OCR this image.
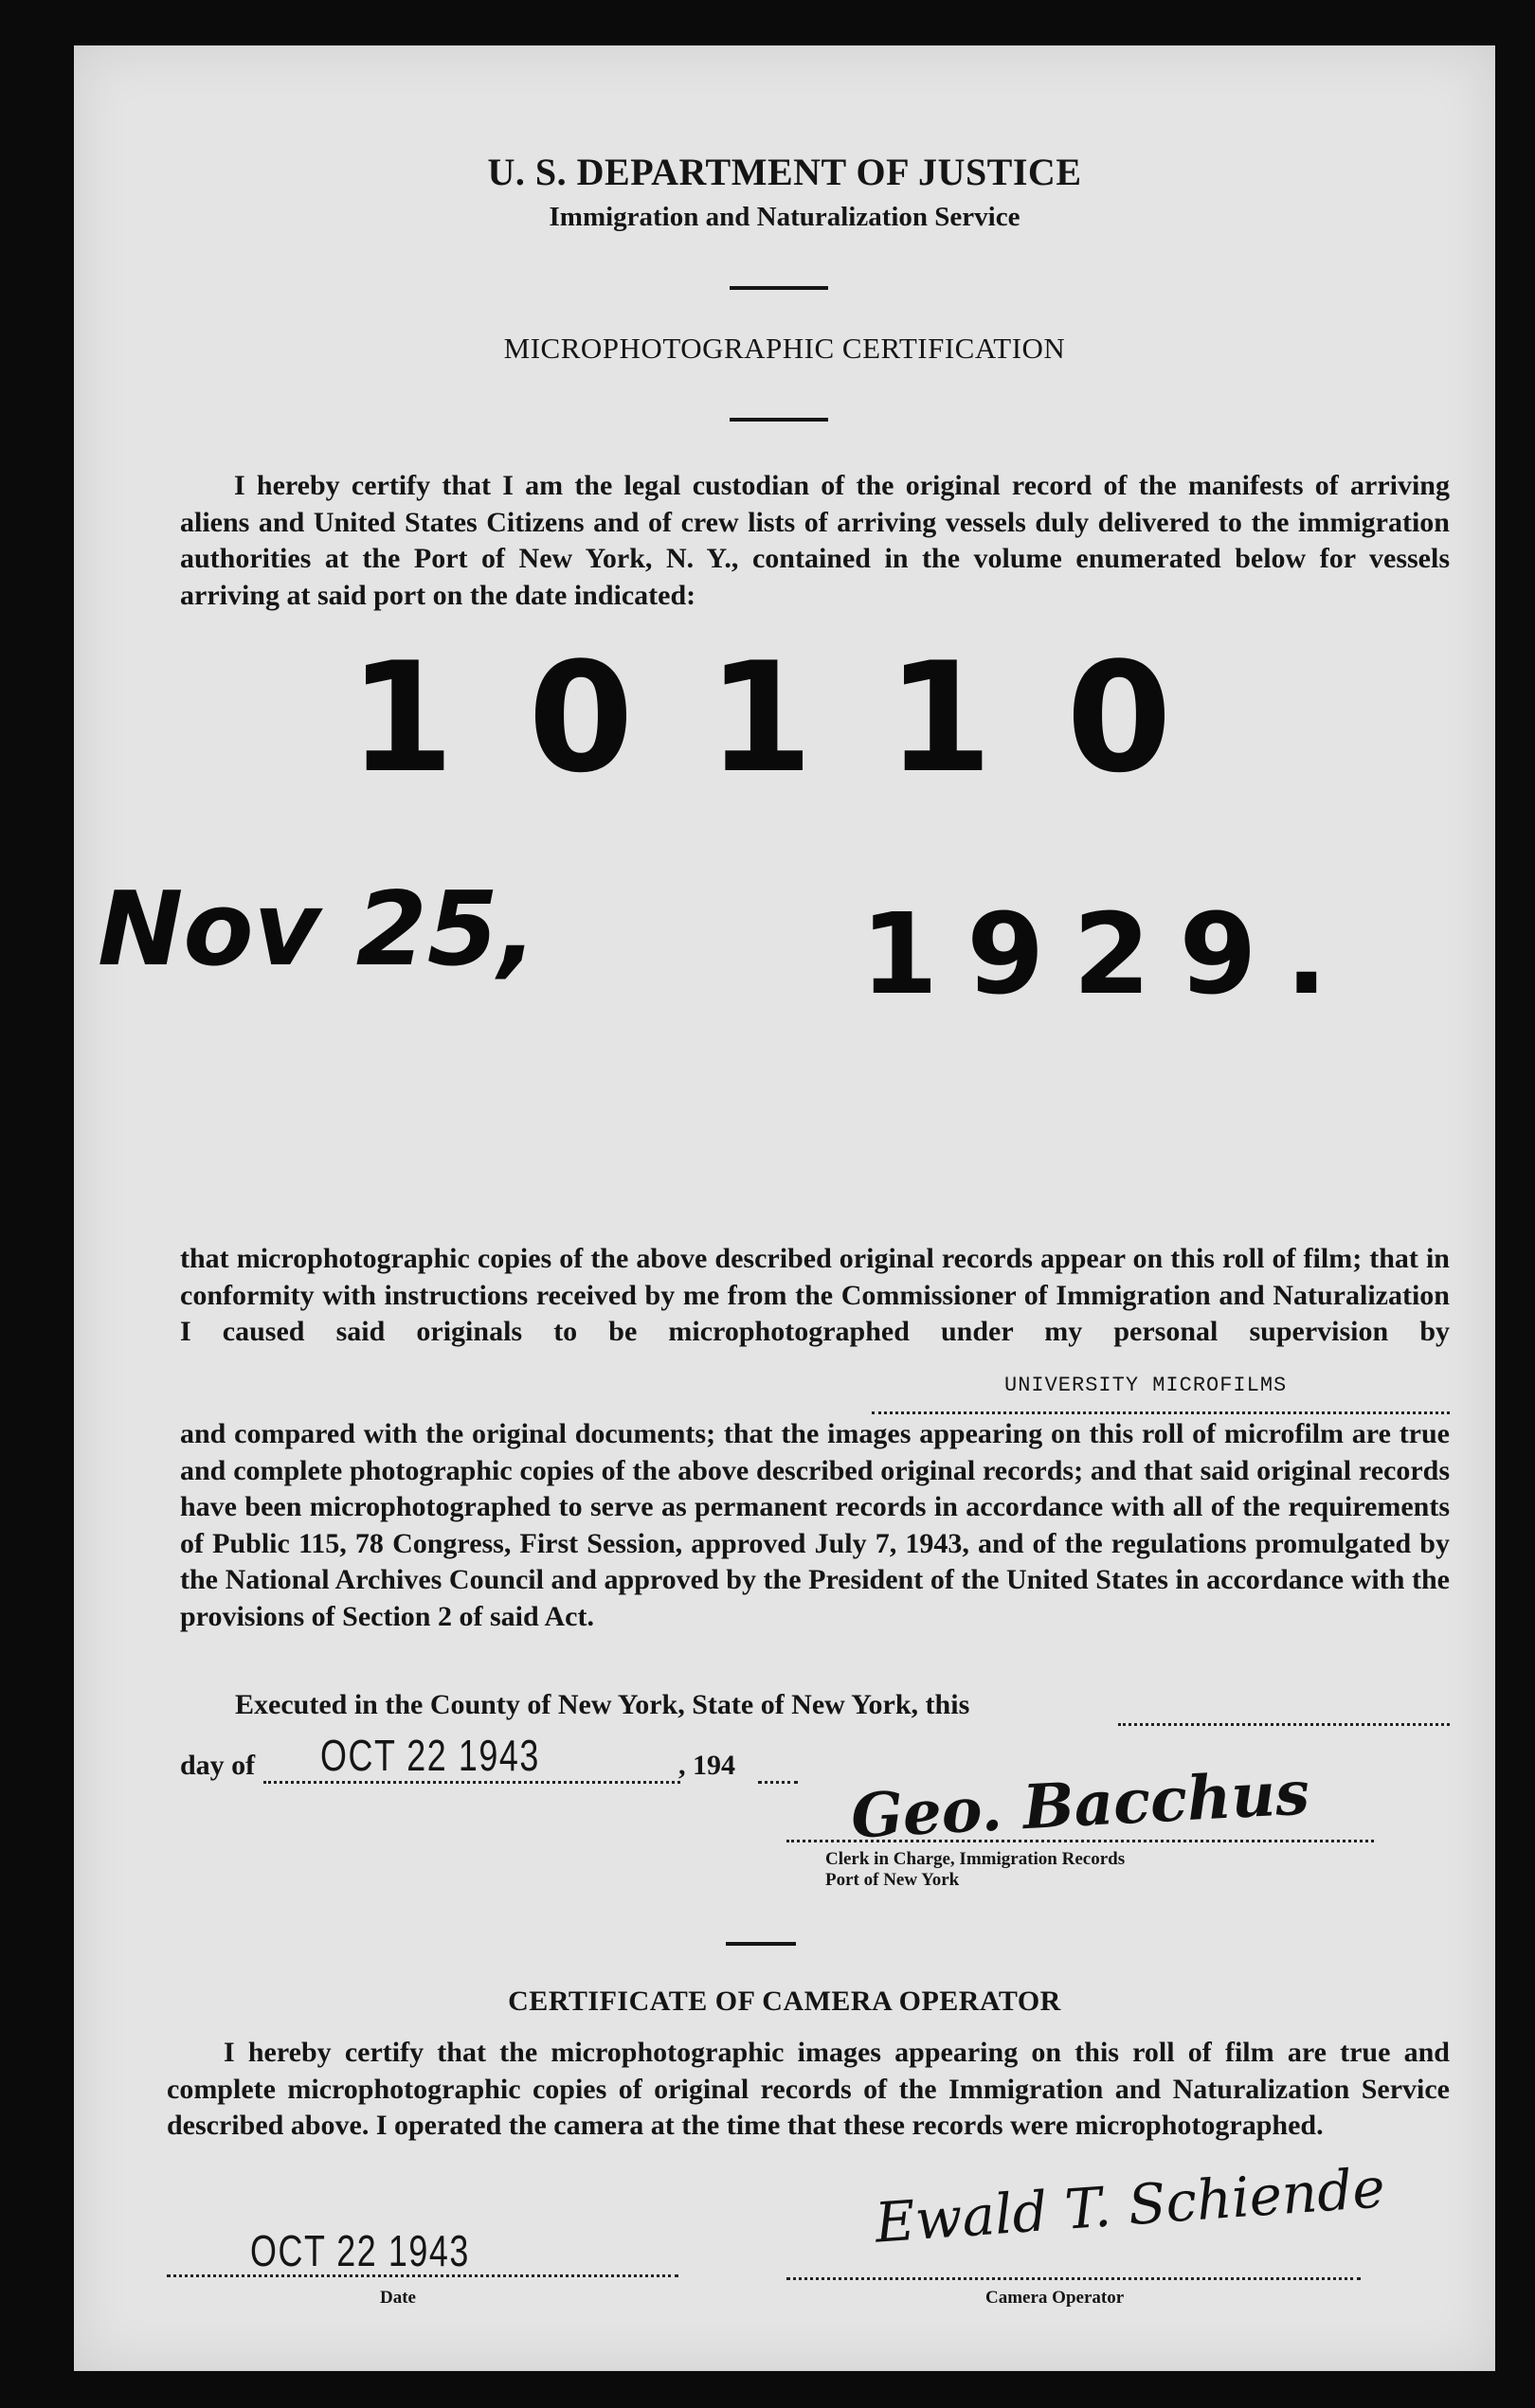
U. S. DEPARTMENT OF JUSTICE
Immigration and Naturalization Service
MICROPHOTOGRAPHIC CERTIFICATION

I hereby certify that I am the legal custodian of the original record of the manifests of arriving aliens and United States Citizens and of crew lists of arriving vessels duly delivered to the immigration authorities at the Port of New York, N. Y., contained in the volume enumerated below for vessels arriving at said port on the date indicated:

10110
Nov 25,	1929.

that microphotographic copies of the above described original records appear on this roll of film; that in conformity with instructions received by me from the Commissioner of Immigration and Naturalization I caused said originals to be microphotographed under my personal supervision by

UNIVERSITY MICROFILMS

and compared with the original documents; that the images appearing on this roll of microfilm are true and complete photographic copies of the above described original records; and that said original records have been microphotographed to serve as permanent records in accordance with all of the requirements of Public 115, 78 Congress, First Session, approved July 7, 1943, and of the regulations promulgated by the National Archives Council and approved by the President of the United States in accordance with the provisions of Section 2 of said Act.

Executed in the County of New York, State of New York, this
day of OCT 22 1943	, 194 Geo. Bacchus
Clerk in Charge, Immigration Records
Port of New York
CERTIFICATE OF CAMERA OPERATOR

I hereby certify that the microphotographic images appearing on this roll of film are true and complete microphotographic copies of original records of the Immigration and Naturalization Service described above. I operated the camera at the time that these records were microphotographed.

OCT 22 1943
Date
Ewald T. Schiende
Camera Operator
